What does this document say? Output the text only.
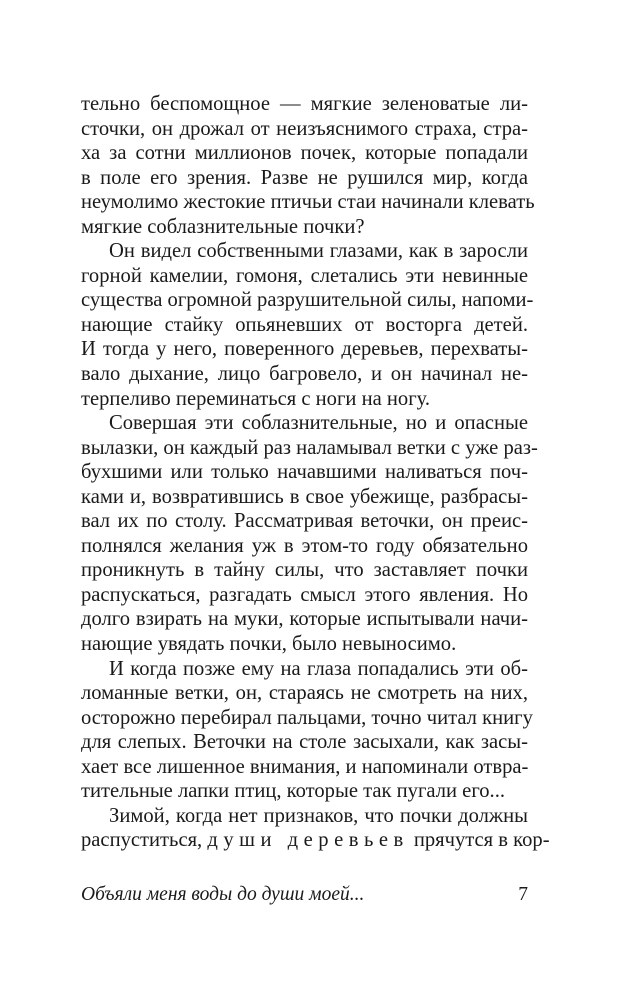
тельно беспомощное — мягкие зеленоватые ли-
сточки, он дрожал от неизъяснимого страха, стра-
ха за сотни миллионов почек, которые попадали
в поле его зрения. Разве не рушился мир, когда
неумолимо жестокие птичьи стаи начинали клевать
мягкие соблазнительные почки?
Он видел собственными глазами, как в заросли
горной камелии, гомоня, слетались эти невинные
существа огромной разрушительной силы, напоми-
нающие стайку опьяневших от восторга детей.
И тогда у него, поверенного деревьев, перехваты-
вало дыхание, лицо багровело, и он начинал не-
терпеливо переминаться с ноги на ногу.
Совершая эти соблазнительные, но и опасные
вылазки, он каждый раз наламывал ветки с уже раз-
бухшими или только начавшими наливаться поч-
ками и, возвратившись в свое убежище, разбрасы-
вал их по столу. Рассматривая веточки, он преис-
полнялся желания уж в этом-то году обязательно
проникнуть в тайну силы, что заставляет почки
распускаться, разгадать смысл этого явления. Но
долго взирать на муки, которые испытывали начи-
нающие увядать почки, было невыносимо.
И когда позже ему на глаза попадались эти об-
ломанные ветки, он, стараясь не смотреть на них,
осторожно перебирал пальцами, точно читал книгу
для слепых. Веточки на столе засыхали, как засы-
хает все лишенное внимания, и напоминали отвра-
тительные лапки птиц, которые так пугали его...
Зимой, когда нет признаков, что почки должны
распуститься, души деревьев прячутся в кор-
Объяли меня воды до души моей...	7
